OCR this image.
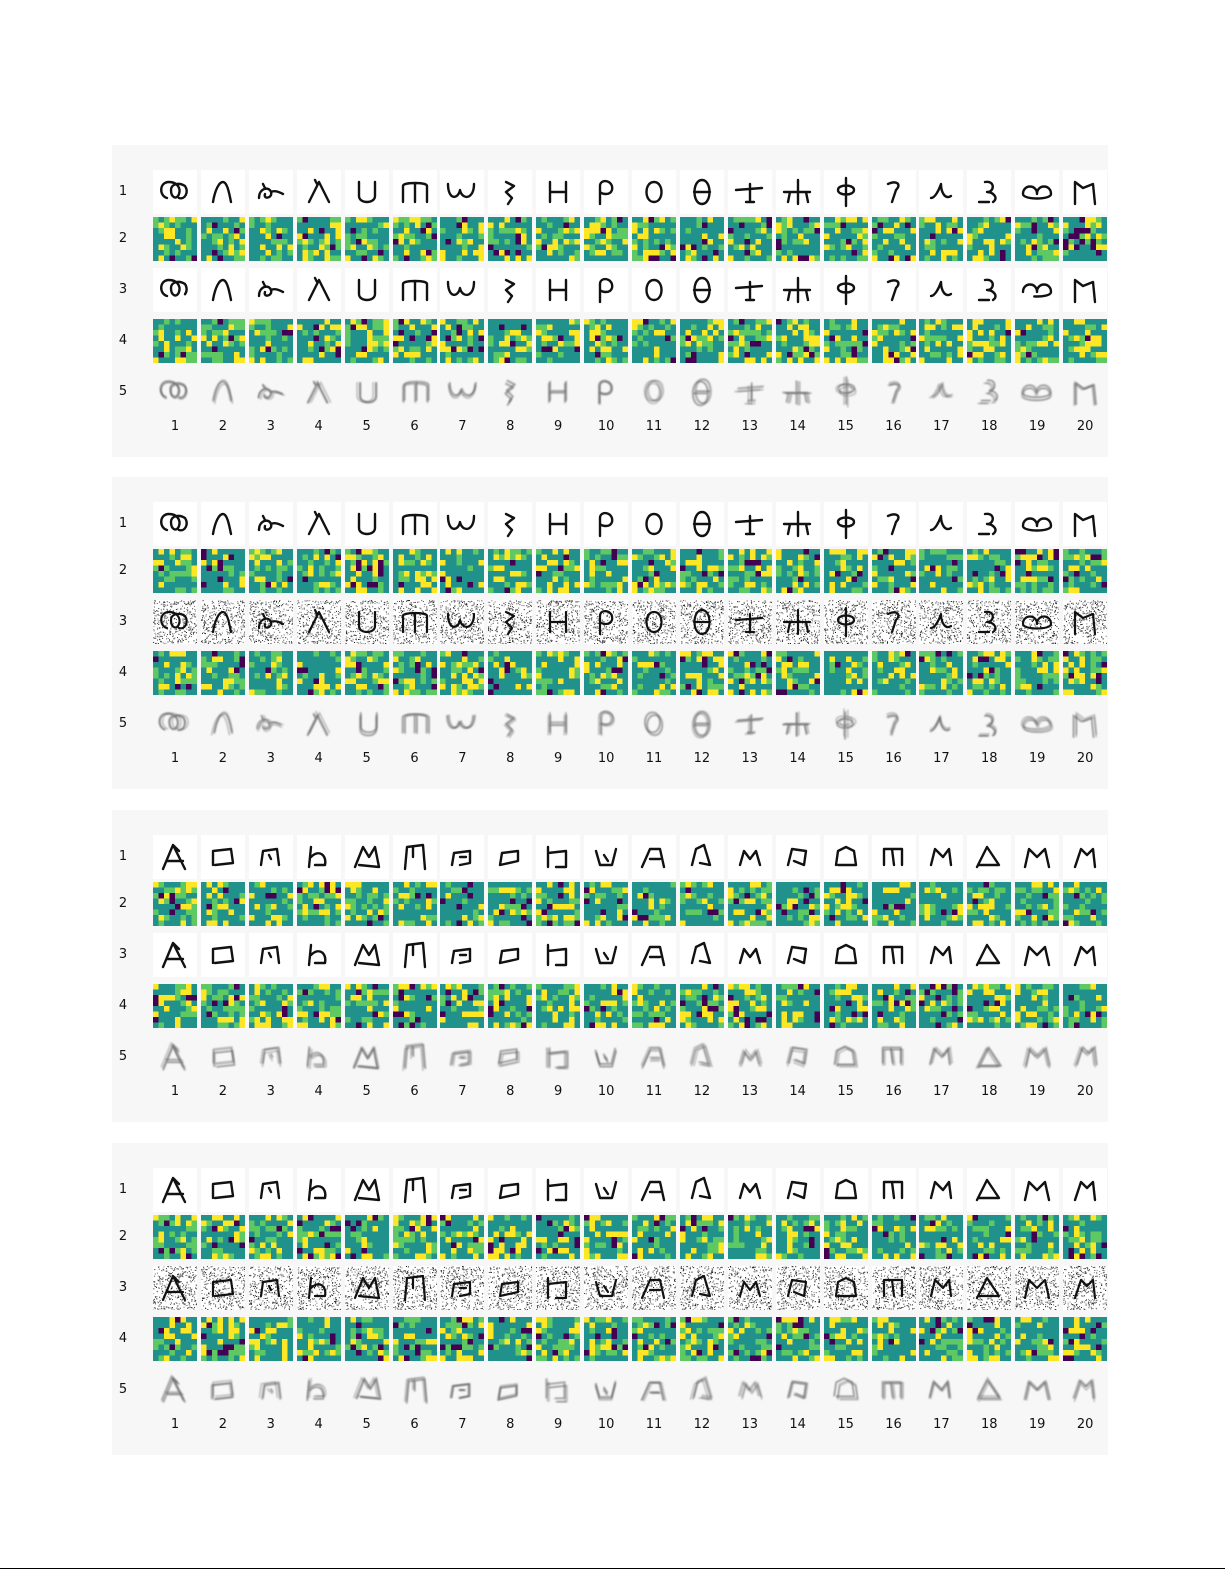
1
2
3
4
5
1	2	3	4	5	6	7	8	9	10	11	12	13	14	15	16	17	18	19	20
1
2
3
4
5
1	2	3	4	5	6	7	8	9	10	11	12	13	14	15	16	17	18	19	20
1
2
3
4
5
1	2	3	4	5	6	7	8	9	10	11	12	13	14	15	16	17	18	19	20
1
2
3
4
5
1	2	3	4	5	6	7	8	9	10	11	12	13	14	15	16	17	18	19	20
